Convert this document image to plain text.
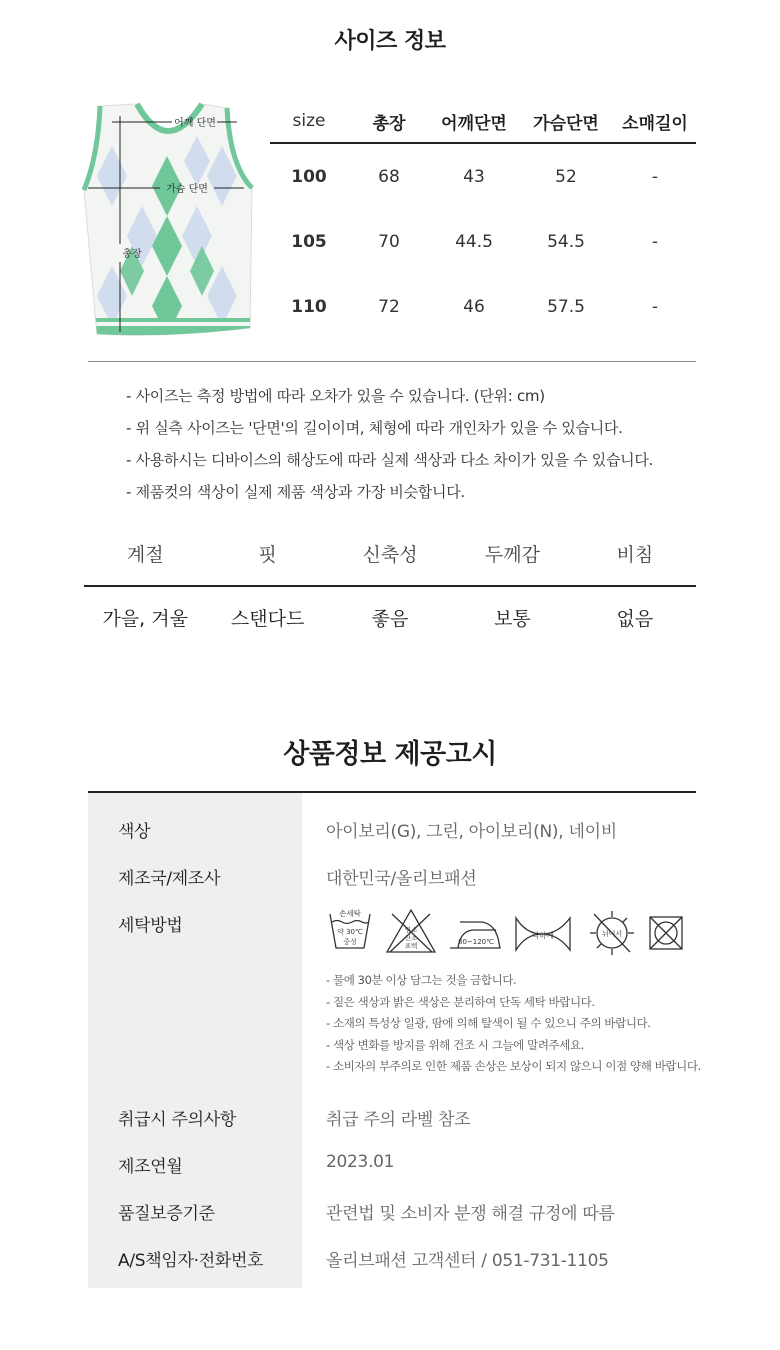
사이즈 정보
어깨 단면
가슴 단면
총장
size	총장	어깨단면	가슴단면	소매길이
100	68	43	52	-
105	70	44.5	54.5	-
110	72	46	57.5	-
- 사이즈는 측정 방법에 따라 오차가 있을 수 있습니다. (단위: cm)
- 위 실측 사이즈는 '단면'의 길이이며, 체형에 따라 개인차가 있을 수 있습니다.
- 사용하시는 디바이스의 해상도에 따라 실제 색상과 다소 차이가 있을 수 있습니다.
- 제품컷의 색상이 실제 제품 색상과 가장 비슷합니다.
계절	핏	신축성	두께감	비침
가을, 겨울	스탠다드	좋음	보통	없음
상품정보 제공고시
색상	아이보리(G), 그린, 아이보리(N), 네이비
제조국/제조사	대한민국/올리브패션
세탁방법
손세탁
약 30℃
중성
염소
산소
표백	80~120℃
약하게	뉘어서
- 물에 30분 이상 담그는 것을 금합니다.
- 짙은 색상과 밝은 색상은 분리하여 단독 세탁 바랍니다.
- 소재의 특성상 일광, 땀에 의해 탈색이 될 수 있으니 주의 바랍니다.
- 색상 변화를 방지를 위해 건조 시 그늘에 말려주세요.
- 소비자의 부주의로 인한 제품 손상은 보상이 되지 않으니 이점 양해 바랍니다.
취급시 주의사항	취급 주의 라벨 참조
제조연월	2023.01
품질보증기준	관련법 및 소비자 분쟁 해결 규정에 따름
A/S책임자·전화번호	올리브패션 고객센터 / 051-731-1105
